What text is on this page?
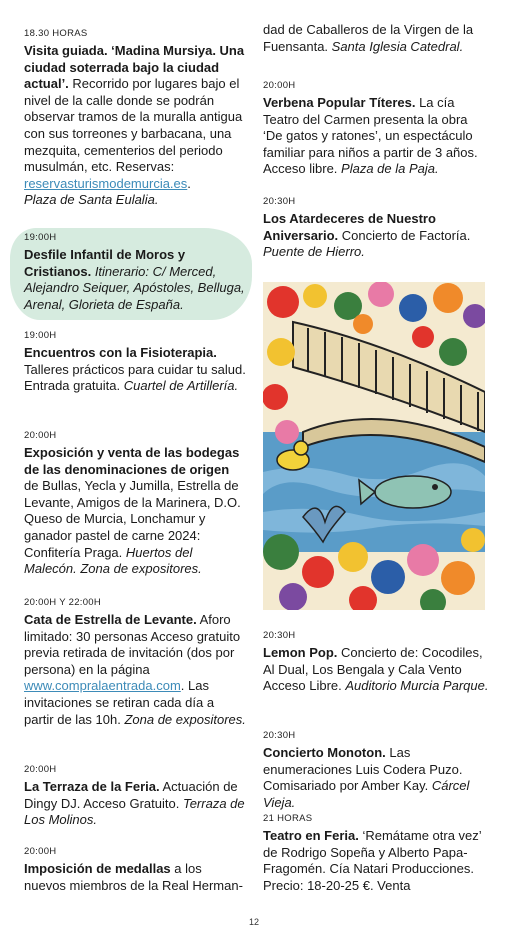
18.30 HORAS

Visita guiada. ‘Madina Mursiya. Una ciudad soterrada bajo la ciudad actual’. Recorrido por lugares bajo el nivel de la calle donde se podrán observar tramos de la muralla antigua con sus torreones y barbacana, una mezquita, cementerios del periodo musulmán, etc. Reservas: reservasturismodemurcia.es.
Plaza de Santa Eulalia.

19:00H

Desfile Infantil de Moros y Cristianos. Itinerario: C/ Merced, Alejandro Seiquer, Apóstoles, Belluga, Arenal, Glorieta de España.

19:00H

Encuentros con la Fisioterapia. Talleres prácticos para cuidar tu salud. Entrada gratuita. Cuartel de Artillería.

20:00H

Exposición y venta de las bodegas de las denominaciones de origen de Bullas, Yecla y Jumilla, Estrella de Levante, Amigos de la Marinera, D.O. Queso de Murcia, Lonchamur y ganador pastel de carne 2024: Confitería Praga. Huertos del Malecón. Zona de expositores.

20:00H Y 22:00H

Cata de Estrella de Levante. Aforo limitado: 30 personas Acceso gratuito previa retirada de invitación (dos por persona) en la página www.compralaentrada.com. Las invitaciones se retiran cada día a partir de las 10h. Zona de expositores.

20:00H

La Terraza de la Feria. Actuación de Dingy DJ. Acceso Gratuito. Terraza de Los Molinos.

20:00H

Imposición de medallas a los nuevos miembros de la Real Herman-

dad de Caballeros de la Virgen de la Fuensanta. Santa Iglesia Catedral.

20:00H

Verbena Popular Títeres. La cía Teatro del Carmen presenta la obra ‘De gatos y ratones’, un espectáculo familiar para niños a partir de 3 años. Acceso libre. Plaza de la Paja.

20:30H

Los Atardeceres de Nuestro Aniversario. Concierto de Factoría. Puente de Hierro.

20:30H

Lemon Pop. Concierto de: Cocodiles, Al Dual, Los Bengala y Cala Vento Acceso Libre. Auditorio Murcia Parque.

20:30H

Concierto Monoton. Las enumeraciones Luis Codera Puzo. Comisariado por Amber Kay. Cárcel Vieja.

21 HORAS

Teatro en Feria. ‘Remátame otra vez’ de Rodrigo Sopeña y Alberto Papa-Fragomén. Cía Natari Producciones. Precio: 18-20-25 €. Venta

12
